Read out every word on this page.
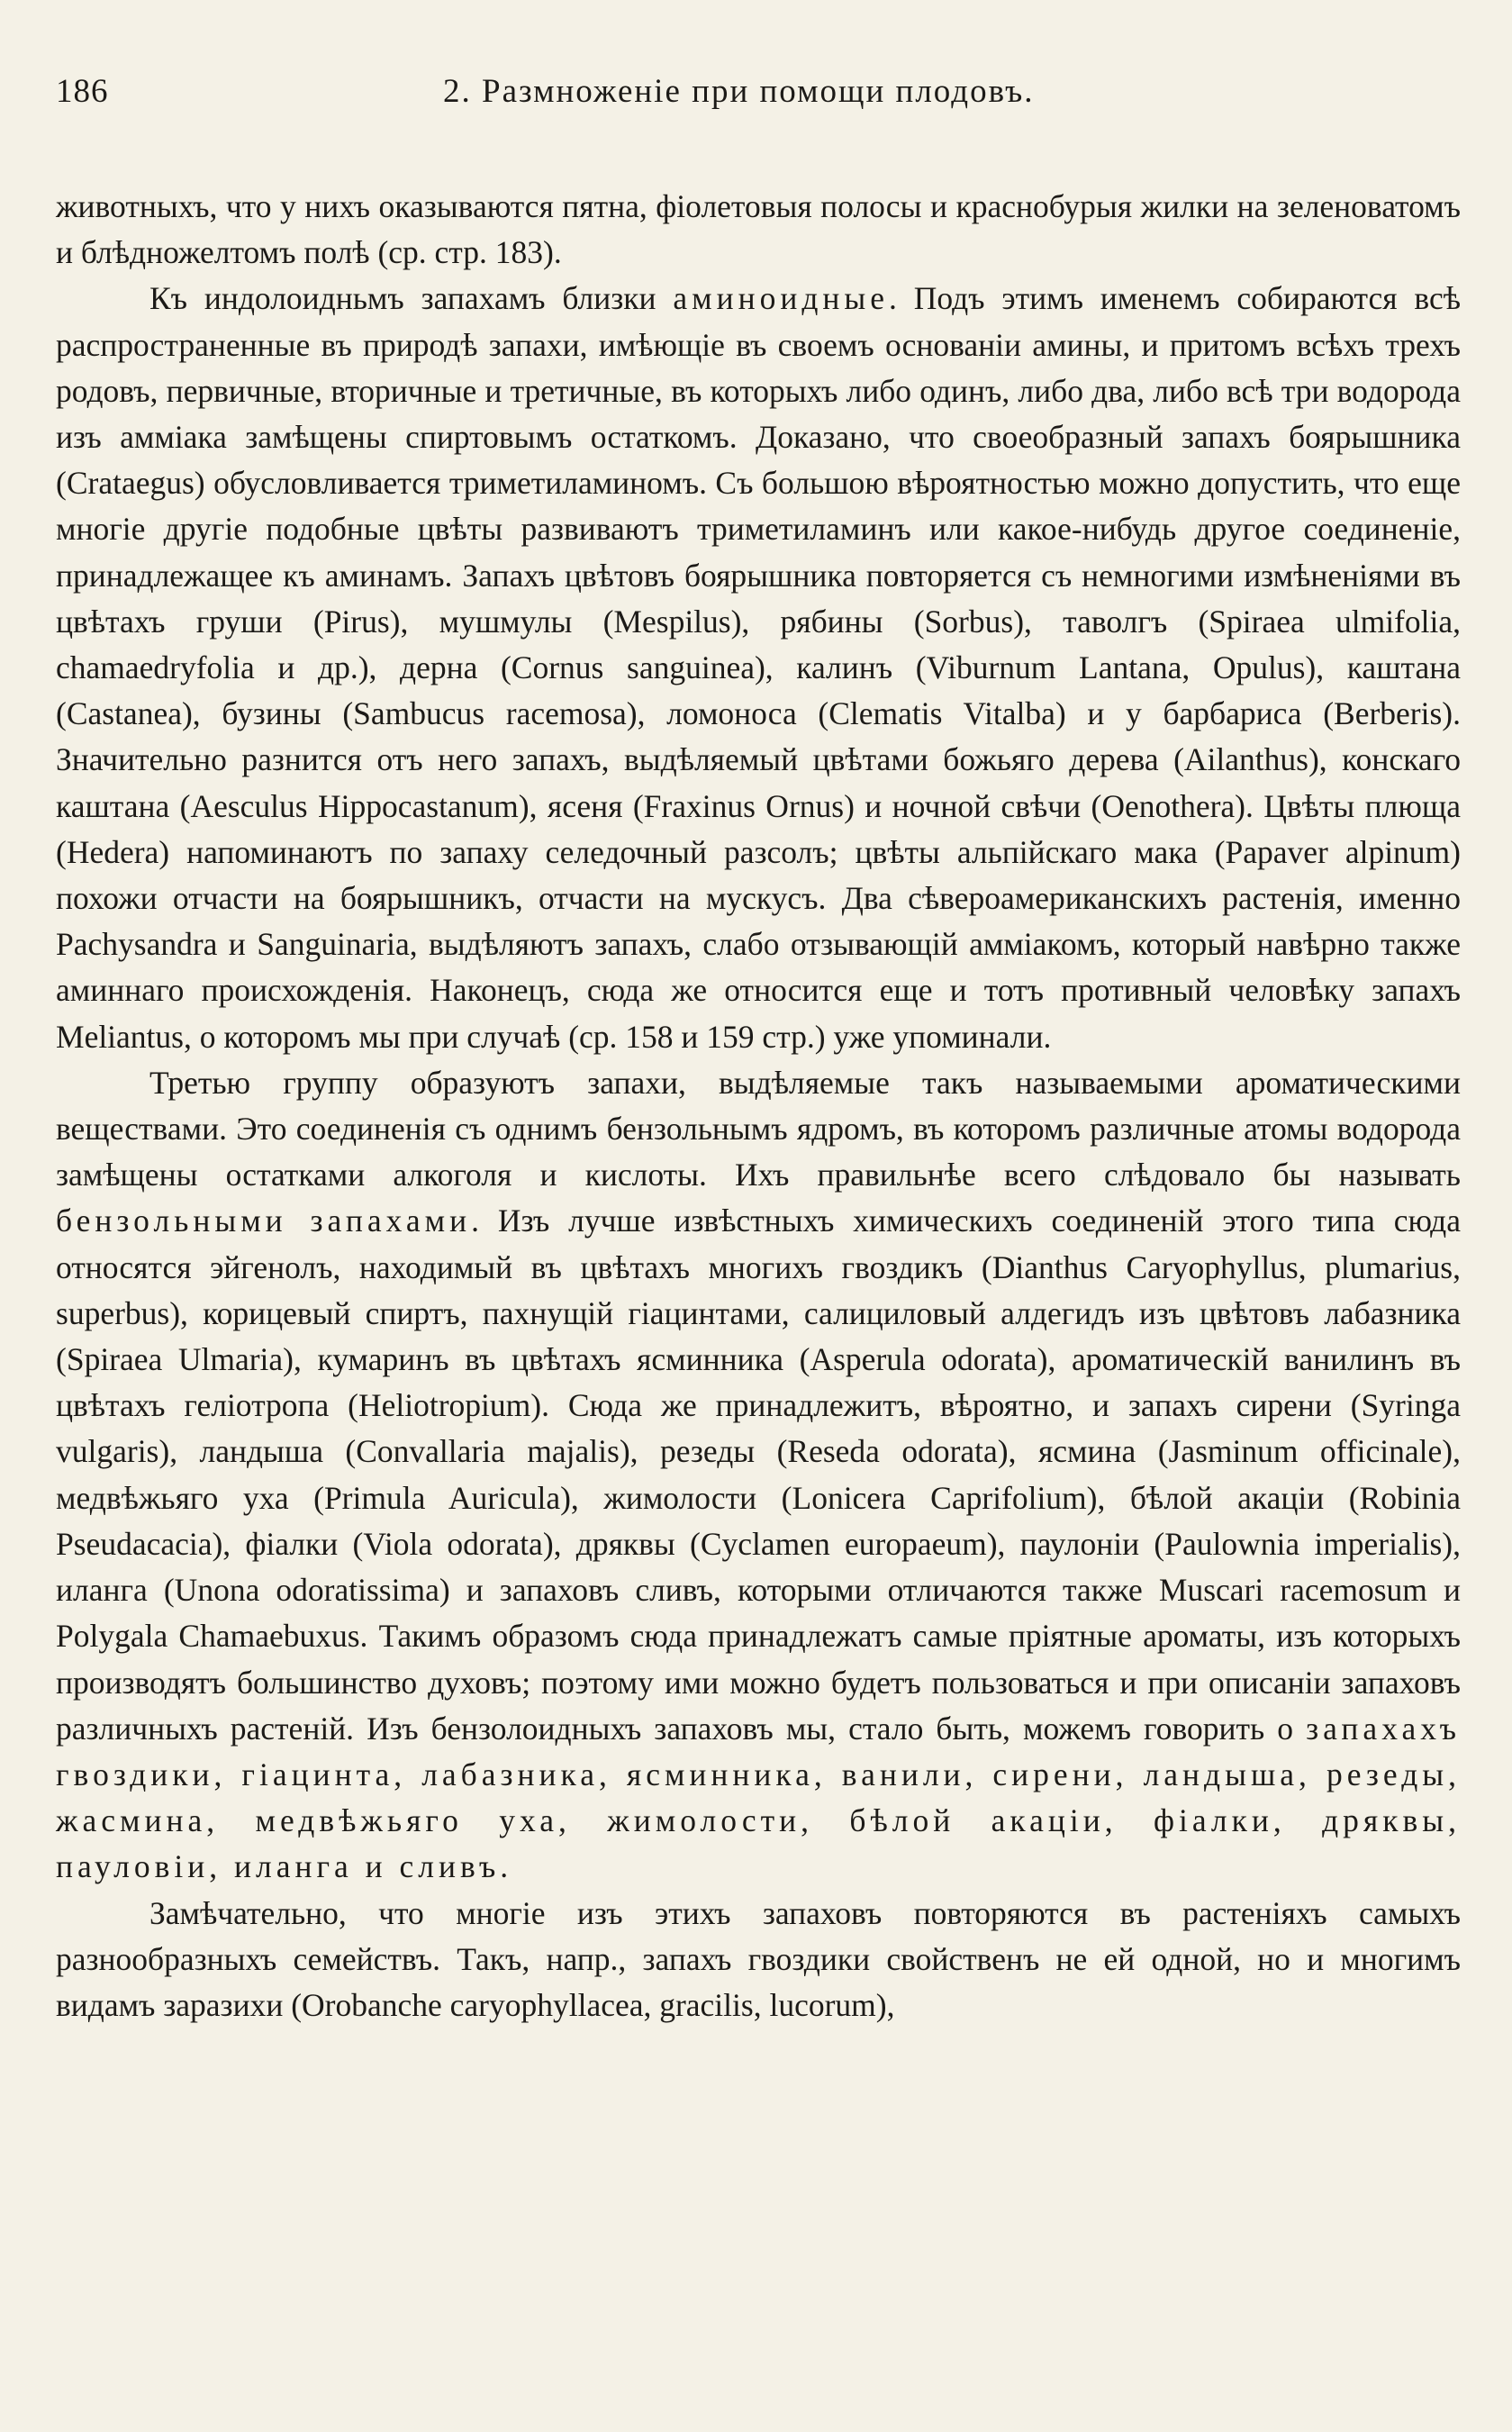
186	2. Размноженіе при помощи плодовъ.

животныхъ, что у нихъ оказываются пятна, фіолетовыя полосы и краснобурыя жилки на зеленоватомъ и блѣдножелтомъ полѣ (ср. стр. 183).

Къ индолоидньмъ запахамъ близки аминоидные. Подъ этимъ именемъ собираются всѣ распространенные въ природѣ запахи, имѣющіе въ своемъ основаніи амины, и притомъ всѣхъ трехъ родовъ, первичные, вторичные и третичные, въ которыхъ либо одинъ, либо два, либо всѣ три водорода изъ амміака замѣщены спиртовымъ остаткомъ. Доказано, что своеобразный запахъ боярышника (Crataegus) обусловливается триметиламиномъ. Съ большою вѣроятностью можно допустить, что еще многіе другіе подобные цвѣты развиваютъ триметиламинъ или какое-нибудь другое соединеніе, принадлежащее къ аминамъ. Запахъ цвѣтовъ боярышника повторяется съ немногими измѣненіями въ цвѣтахъ груши (Pirus), мушмулы (Mespilus), рябины (Sorbus), таволгъ (Spiraea ulmifolia, chamaedryfolia и др.), дерна (Cornus sanguinea), калинъ (Viburnum Lantana, Opulus), каштана (Castanea), бузины (Sambucus racemosa), ломоноса (Clematis Vitalba) и у барбариса (Berberis). Значительно разнится отъ него запахъ, выдѣляемый цвѣтами божьяго дерева (Ailanthus), конскаго каштана (Aesculus Hippocastanum), ясеня (Fraxinus Ornus) и ночной свѣчи (Oenothera). Цвѣты плюща (Hedera) напоминаютъ по запаху селедочный разсолъ; цвѣты альпійскаго мака (Papaver alpinum) похожи отчасти на боярышникъ, отчасти на мускусъ. Два сѣвероамериканскихъ растенія, именно Pachysandra и Sanguinaria, выдѣляютъ запахъ, слабо отзывающій амміакомъ, который навѣрно также аминнаго происхожденія. Наконецъ, сюда же относится еще и тотъ противный человѣку запахъ Meliantus, о которомъ мы при случаѣ (ср. 158 и 159 стр.) уже упоминали.

Третью группу образуютъ запахи, выдѣляемые такъ называемыми ароматическими веществами. Это соединенія съ однимъ бензольнымъ ядромъ, въ которомъ различные атомы водорода замѣщены остатками алкоголя и кислоты. Ихъ правильнѣе всего слѣдовало бы называть бензольными запахами. Изъ лучше извѣстныхъ химическихъ соединеній этого типа сюда относятся эйгенолъ, находимый въ цвѣтахъ многихъ гвоздикъ (Dianthus Caryophyllus, plumarius, superbus), корицевый спиртъ, пахнущій гіацинтами, салициловый алдегидъ изъ цвѣтовъ лабазника (Spiraea Ulmaria), кумаринъ въ цвѣтахъ ясминника (Asperula odorata), ароматическій ванилинъ въ цвѣтахъ геліотропа (Heliotropium). Сюда же принадлежитъ, вѣроятно, и запахъ сирени (Syringa vulgaris), ландыша (Convallaria majalis), резеды (Reseda odorata), ясмина (Jasminum officinale), медвѣжьяго уха (Primula Auricula), жимолости (Lonicera Caprifolium), бѣлой акаціи (Robinia Pseudacacia), фіалки (Viola odorata), дряквы (Cyclamen europaeum), паулоніи (Paulownia imperialis), иланга (Unona odoratissima) и запаховъ сливъ, которыми отличаются также Muscari racemosum и Polygala Chamaebuxus. Такимъ образомъ сюда принадлежатъ самые пріятные ароматы, изъ которыхъ производятъ большинство духовъ; поэтому ими можно будетъ пользоваться и при описаніи запаховъ различныхъ растеній. Изъ бензолоидныхъ запаховъ мы, стало быть, можемъ говорить о запахахъ гвоздики, гіацинта, лабазника, ясминника, ванили, сирени, ландыша, резеды, жасмина, медвѣжьяго уха, жимолости, бѣлой акаціи, фіалки, дряквы, пауловіи, иланга и сливъ.

Замѣчательно, что многіе изъ этихъ запаховъ повторяются въ растеніяхъ самыхъ разнообразныхъ семействъ. Такъ, напр., запахъ гвоздики свойственъ не ей одной, но и многимъ видамъ заразихи (Orobanche caryophyllacea, gracilis, lucorum),
